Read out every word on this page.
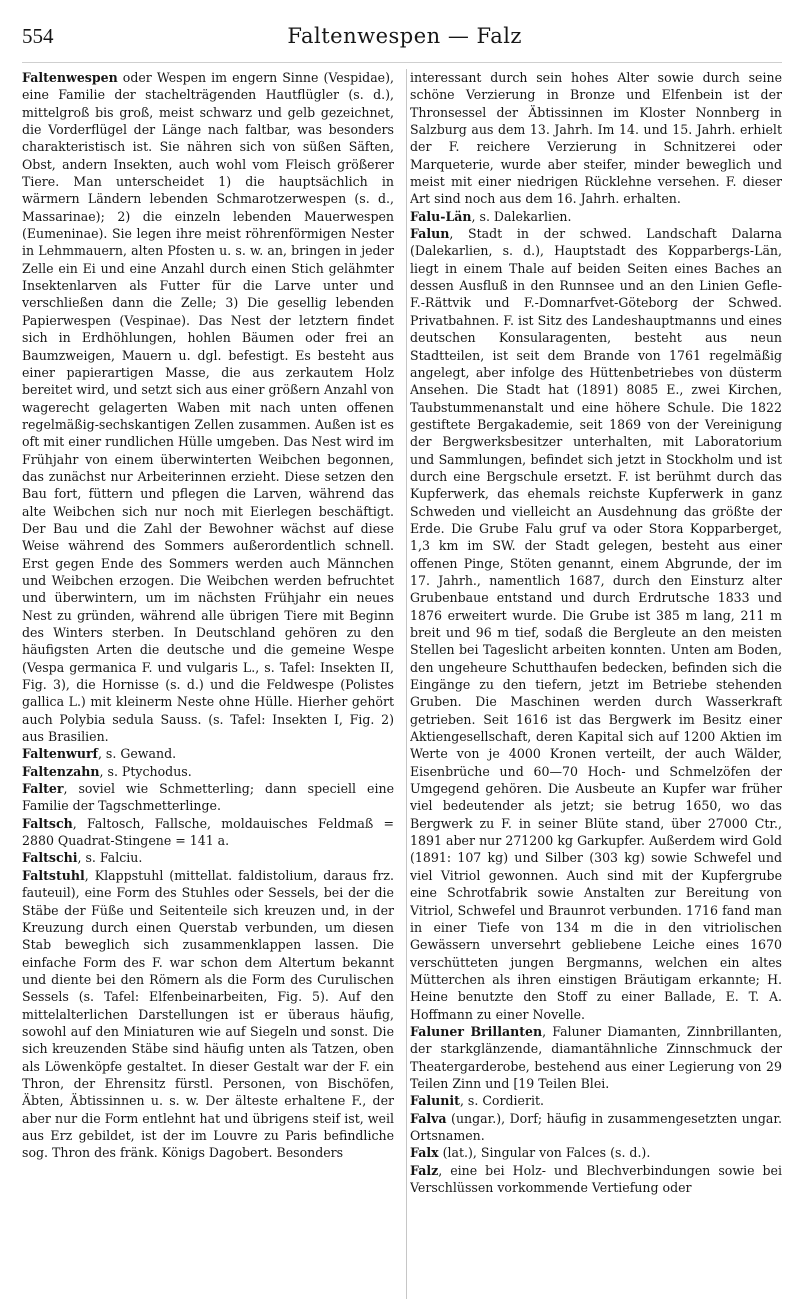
554	Faltenwespen — Falz

Faltenwespen oder Wespen im engern Sinne (Vespidae), eine Familie der stachelträgenden Hautflügler (s. d.), mittelgroß bis groß, meist schwarz und gelb gezeichnet, die Vorderflügel der Länge nach faltbar, was besonders charakteristisch ist. Sie nähren sich von süßen Säften, Obst, andern Insekten, auch wohl vom Fleisch größerer Tiere. Man unterscheidet 1) die hauptsächlich in wärmern Ländern lebenden Schmarotzerwespen (s. d., Massarinae); 2) die einzeln lebenden Mauerwespen (Eumeninae). Sie legen ihre meist röhrenförmigen Nester in Lehmmauern, alten Pfosten u. s. w. an, bringen in jeder Zelle ein Ei und eine Anzahl durch einen Stich gelähmter Insektenlarven als Futter für die Larve unter und verschließen dann die Zelle; 3) Die gesellig lebenden Papierwespen (Vespinae). Das Nest der letztern findet sich in Erdhöhlungen, hohlen Bäumen oder frei an Baumzweigen, Mauern u. dgl. befestigt. Es besteht aus einer papierartigen Masse, die aus zerkautem Holz bereitet wird, und setzt sich aus einer größern Anzahl von wagerecht gelagerten Waben mit nach unten offenen regelmäßig-sechskantigen Zellen zusammen. Außen ist es oft mit einer rundlichen Hülle umgeben. Das Nest wird im Frühjahr von einem überwinterten Weibchen begonnen, das zunächst nur Arbeiterinnen erzieht. Diese setzen den Bau fort, füttern und pflegen die Larven, während das alte Weibchen sich nur noch mit Eierlegen beschäftigt. Der Bau und die Zahl der Bewohner wächst auf diese Weise während des Sommers außerordentlich schnell. Erst gegen Ende des Sommers werden auch Männchen und Weibchen erzogen. Die Weibchen werden befruchtet und überwintern, um im nächsten Frühjahr ein neues Nest zu gründen, während alle übrigen Tiere mit Beginn des Winters sterben. In Deutschland gehören zu den häufigsten Arten die deutsche und die gemeine Wespe (Vespa germanica F. und vulgaris L., s. Tafel: Insekten II, Fig. 3), die Hornisse (s. d.) und die Feldwespe (Polistes gallica L.) mit kleinerm Neste ohne Hülle. Hierher gehört auch Polybia sedula Sauss. (s. Tafel: Insekten I, Fig. 2) aus Brasilien.

Faltenwurf, s. Gewand.

Faltenzahn, s. Ptychodus.

Falter, soviel wie Schmetterling; dann speciell eine Familie der Tagschmetterlinge.

Faltsch, Faltosch, Fallsche, moldauisches Feldmaß = 2880 Quadrat-Stingene = 141 a.

Faltschi, s. Falciu.

Faltstuhl, Klappstuhl (mittellat. faldistolium, daraus frz. fauteuil), eine Form des Stuhles oder Sessels, bei der die Stäbe der Füße und Seitenteile sich kreuzen und, in der Kreuzung durch einen Querstab verbunden, um diesen Stab beweglich sich zusammenklappen lassen. Die einfache Form des F. war schon dem Altertum bekannt und diente bei den Römern als die Form des Curulischen Sessels (s. Tafel: Elfenbeinarbeiten, Fig. 5). Auf den mittelalterlichen Darstellungen ist er überaus häufig, sowohl auf den Miniaturen wie auf Siegeln und sonst. Die sich kreuzenden Stäbe sind häufig unten als Tatzen, oben als Löwenköpfe gestaltet. In dieser Gestalt war der F. ein Thron, der Ehrensitz fürstl. Personen, von Bischöfen, Äbten, Äbtissinnen u. s. w. Der älteste erhaltene F., der aber nur die Form entlehnt hat und übrigens steif ist, weil aus Erz gebildet, ist der im Louvre zu Paris befindliche sog. Thron des fränk. Königs Dagobert. Besonders

interessant durch sein hohes Alter sowie durch seine schöne Verzierung in Bronze und Elfenbein ist der Thronsessel der Äbtissinnen im Kloster Nonnberg in Salzburg aus dem 13. Jahrh. Im 14. und 15. Jahrh. erhielt der F. reichere Verzierung in Schnitzerei oder Marqueterie, wurde aber steifer, minder beweglich und meist mit einer niedrigen Rücklehne versehen. F. dieser Art sind noch aus dem 16. Jahrh. erhalten.

Falu-Län, s. Dalekarlien.

Falun, Stadt in der schwed. Landschaft Dalarna (Dalekarlien, s. d.), Hauptstadt des Kopparbergs-Län, liegt in einem Thale auf beiden Seiten eines Baches an dessen Ausfluß in den Runnsee und an den Linien Gefle-F.-Rättvik und F.-Domnarfvet-Göteborg der Schwed. Privatbahnen. F. ist Sitz des Landeshauptmanns und eines deutschen Konsularagenten, besteht aus neun Stadtteilen, ist seit dem Brande von 1761 regelmäßig angelegt, aber infolge des Hüttenbetriebes von düsterm Ansehen. Die Stadt hat (1891) 8085 E., zwei Kirchen, Taubstummenanstalt und eine höhere Schule. Die 1822 gestiftete Bergakademie, seit 1869 von der Vereinigung der Bergwerksbesitzer unterhalten, mit Laboratorium und Sammlungen, befindet sich jetzt in Stockholm und ist durch eine Bergschule ersetzt. F. ist berühmt durch das Kupferwerk, das ehemals reichste Kupferwerk in ganz Schweden und vielleicht an Ausdehnung das größte der Erde. Die Grube Falu gruf va oder Stora Kopparberget, 1,3 km im SW. der Stadt gelegen, besteht aus einer offenen Pinge, Stöten genannt, einem Abgrunde, der im 17. Jahrh., namentlich 1687, durch den Einsturz alter Grubenbaue entstand und durch Erdrutsche 1833 und 1876 erweitert wurde. Die Grube ist 385 m lang, 211 m breit und 96 m tief, sodaß die Bergleute an den meisten Stellen bei Tageslicht arbeiten konnten. Unten am Boden, den ungeheure Schutthaufen bedecken, befinden sich die Eingänge zu den tiefern, jetzt im Betriebe stehenden Gruben. Die Maschinen werden durch Wasserkraft getrieben. Seit 1616 ist das Bergwerk im Besitz einer Aktiengesellschaft, deren Kapital sich auf 1200 Aktien im Werte von je 4000 Kronen verteilt, der auch Wälder, Eisenbrüche und 60—70 Hoch- und Schmelzöfen der Umgegend gehören. Die Ausbeute an Kupfer war früher viel bedeutender als jetzt; sie betrug 1650, wo das Bergwerk zu F. in seiner Blüte stand, über 27000 Ctr., 1891 aber nur 271200 kg Garkupfer. Außerdem wird Gold (1891: 107 kg) und Silber (303 kg) sowie Schwefel und viel Vitriol gewonnen. Auch sind mit der Kupfergrube eine Schrotfabrik sowie Anstalten zur Bereitung von Vitriol, Schwefel und Braunrot verbunden. 1716 fand man in einer Tiefe von 134 m die in den vitriolischen Gewässern unversehrt gebliebene Leiche eines 1670 verschütteten jungen Bergmanns, welchen ein altes Mütterchen als ihren einstigen Bräutigam erkannte; H. Heine benutzte den Stoff zu einer Ballade, E. T. A. Hoffmann zu einer Novelle.

Faluner Brillanten, Faluner Diamanten, Zinnbrillanten, der starkglänzende, diamantähnliche Zinnschmuck der Theatergarderobe, bestehend aus einer Legierung von 29 Teilen Zinn und [19 Teilen Blei.

Falunit, s. Cordierit.

Falva (ungar.), Dorf; häufig in zusammengesetzten ungar. Ortsnamen.

Falx (lat.), Singular von Falces (s. d.).

Falz, eine bei Holz- und Blechverbindungen sowie bei Verschlüssen vorkommende Vertiefung oder
